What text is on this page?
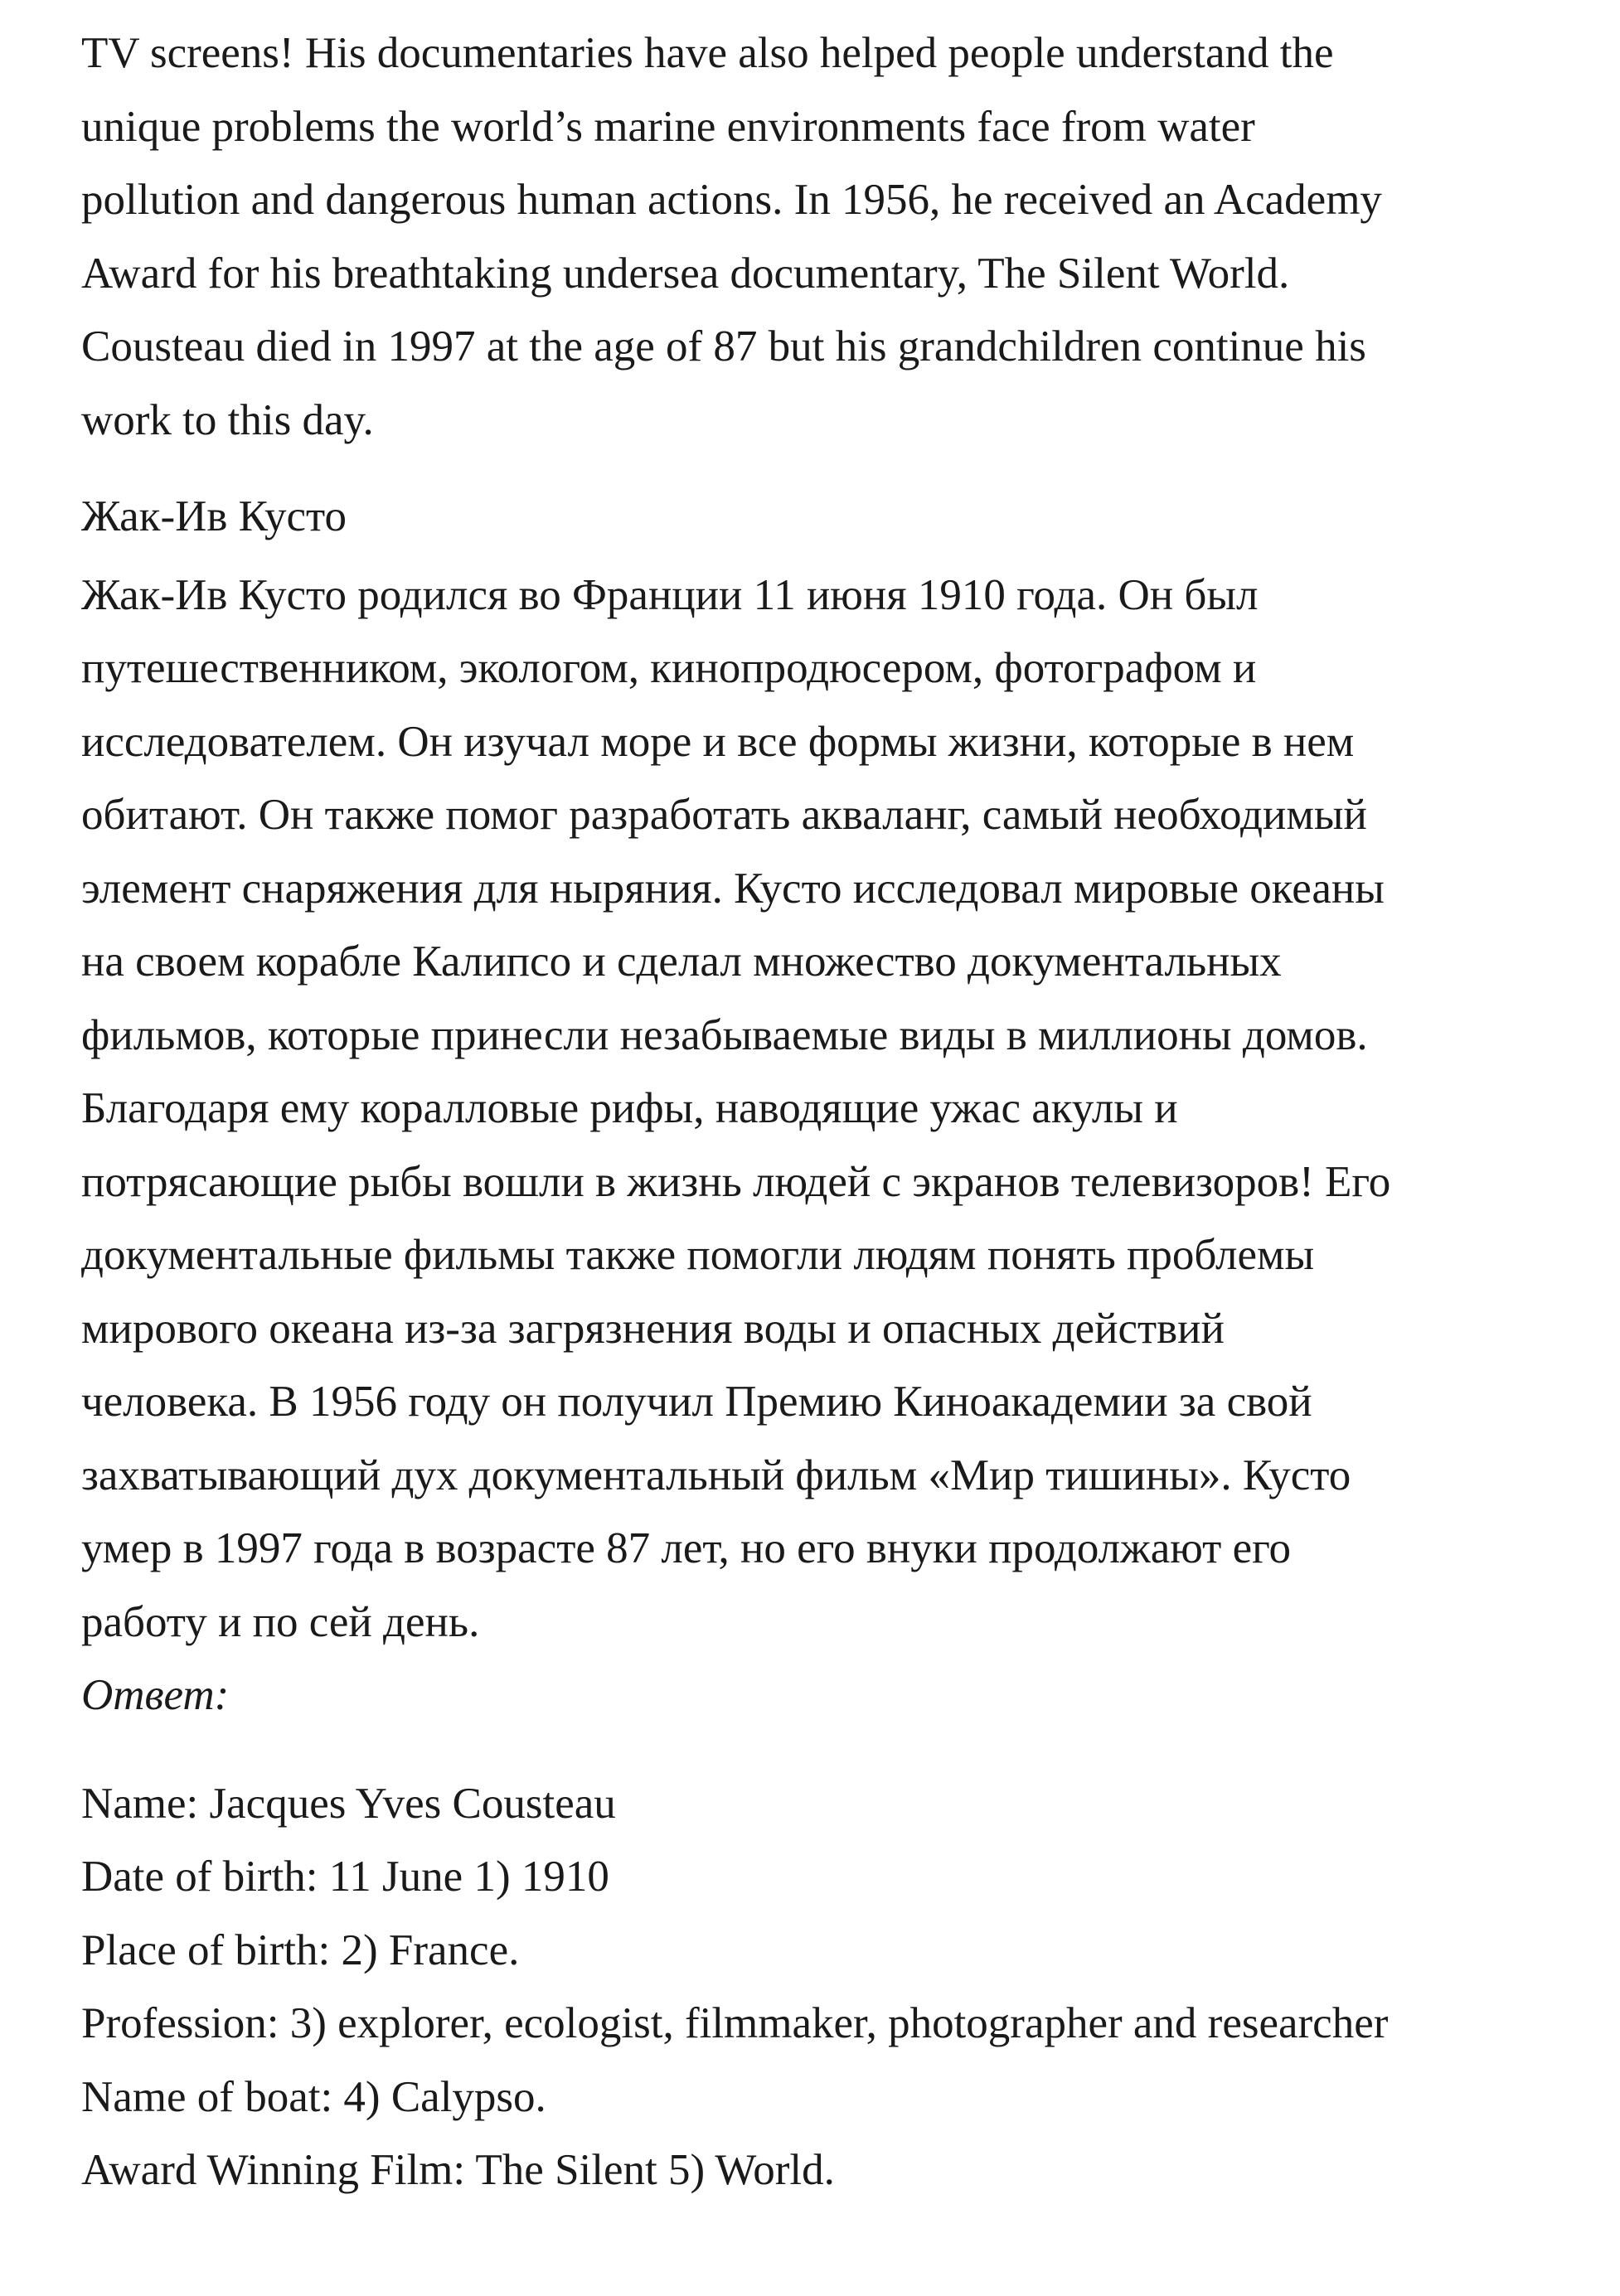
TV screens! His documentaries have also helped people understand the
unique problems the world’s marine environments face from water
pollution and dangerous human actions. In 1956, he received an Academy
Award for his breathtaking undersea documentary, The Silent World.
Cousteau died in 1997 at the age of 87 but his grandchildren continue his
work to this day.
Жак-Ив Кусто
Жак-Ив Кусто родился во Франции 11 июня 1910 года. Он был
путешественником, экологом, кинопродюсером, фотографом и
исследователем. Он изучал море и все формы жизни, которые в нем
обитают. Он также помог разработать акваланг, самый необходимый
элемент снаряжения для ныряния. Кусто исследовал мировые океаны
на своем корабле Калипсо и сделал множество документальных
фильмов, которые принесли незабываемые виды в миллионы домов.
Благодаря ему коралловые рифы, наводящие ужас акулы и
потрясающие рыбы вошли в жизнь людей с экранов телевизоров! Его
документальные фильмы также помогли людям понять проблемы
мирового океана из-за загрязнения воды и опасных действий
человека. В 1956 году он получил Премию Киноакадемии за свой
захватывающий дух документальный фильм «Мир тишины». Кусто
умер в 1997 года в возрасте 87 лет, но его внуки продолжают его
работу и по сей день.
Ответ:
Name: Jacques Yves Cousteau
Date of birth: 11 June 1) 1910
Place of birth: 2) France.
Profession: 3) explorer, ecologist, filmmaker, photographer and researcher
Name of boat: 4) Calypso.
Award Winning Film: The Silent 5) World.
